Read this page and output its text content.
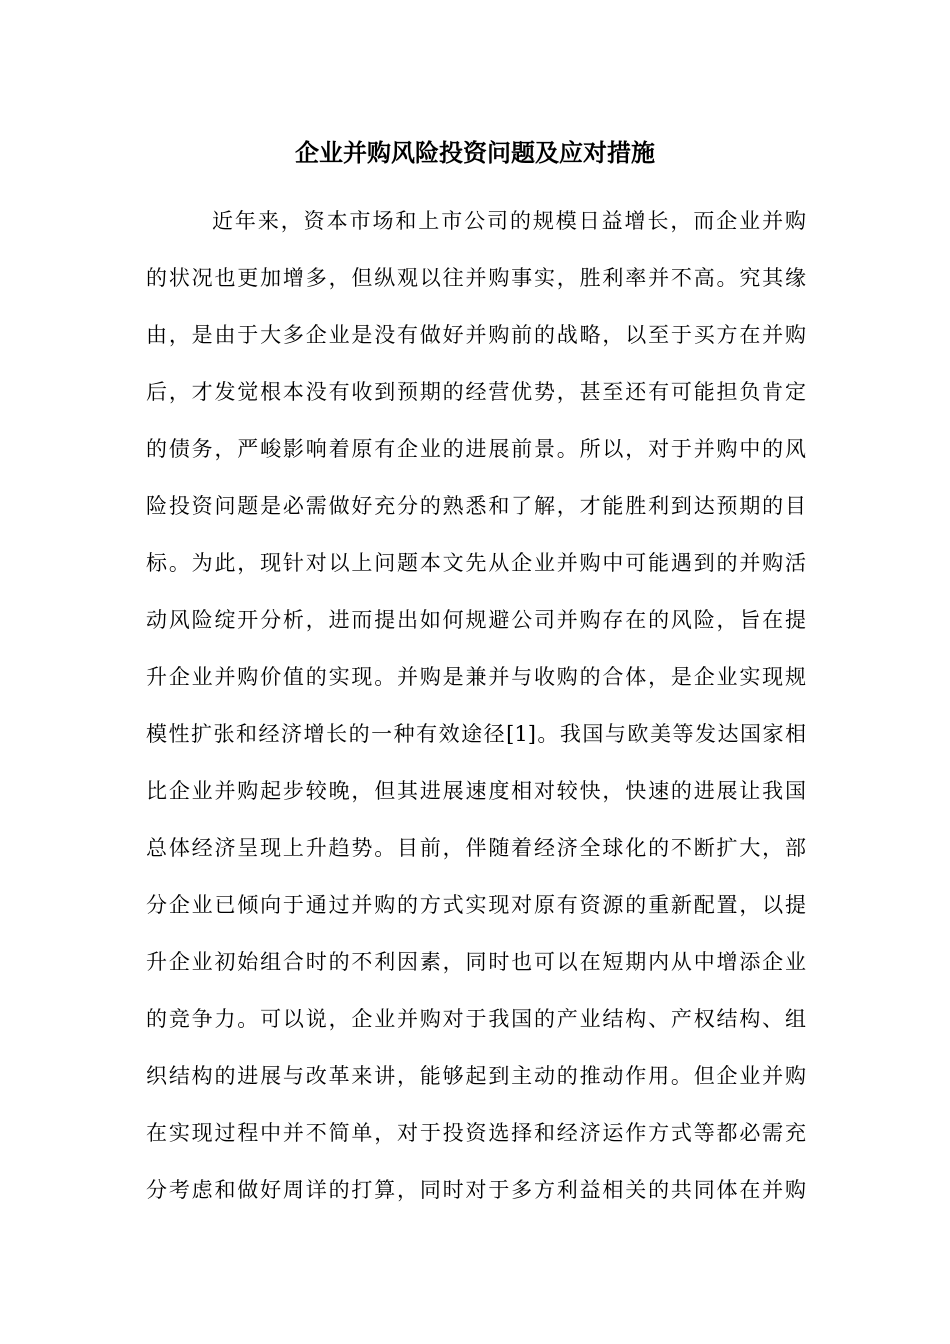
企业并购风险投资问题及应对措施
近年来，资本市场和上市公司的规模日益增长，而企业并购
的状况也更加增多，但纵观以往并购事实，胜利率并不高。究其缘
由，是由于大多企业是没有做好并购前的战略，以至于买方在并购
后，才发觉根本没有收到预期的经营优势，甚至还有可能担负肯定
的债务，严峻影响着原有企业的进展前景。所以，对于并购中的风
险投资问题是必需做好充分的熟悉和了解，才能胜利到达预期的目
标。为此，现针对以上问题本文先从企业并购中可能遇到的并购活
动风险绽开分析，进而提出如何规避公司并购存在的风险，旨在提
升企业并购价值的实现。并购是兼并与收购的合体，是企业实现规
模性扩张和经济增长的一种有效途径[1]。我国与欧美等发达国家相
比企业并购起步较晚，但其进展速度相对较快，快速的进展让我国
总体经济呈现上升趋势。目前，伴随着经济全球化的不断扩大，部
分企业已倾向于通过并购的方式实现对原有资源的重新配置，以提
升企业初始组合时的不利因素，同时也可以在短期内从中增添企业
的竞争力。可以说，企业并购对于我国的产业结构、产权结构、组
织结构的进展与改革来讲，能够起到主动的推动作用。但企业并购
在实现过程中并不简单，对于投资选择和经济运作方式等都必需充
分考虑和做好周详的打算，同时对于多方利益相关的共同体在并购
